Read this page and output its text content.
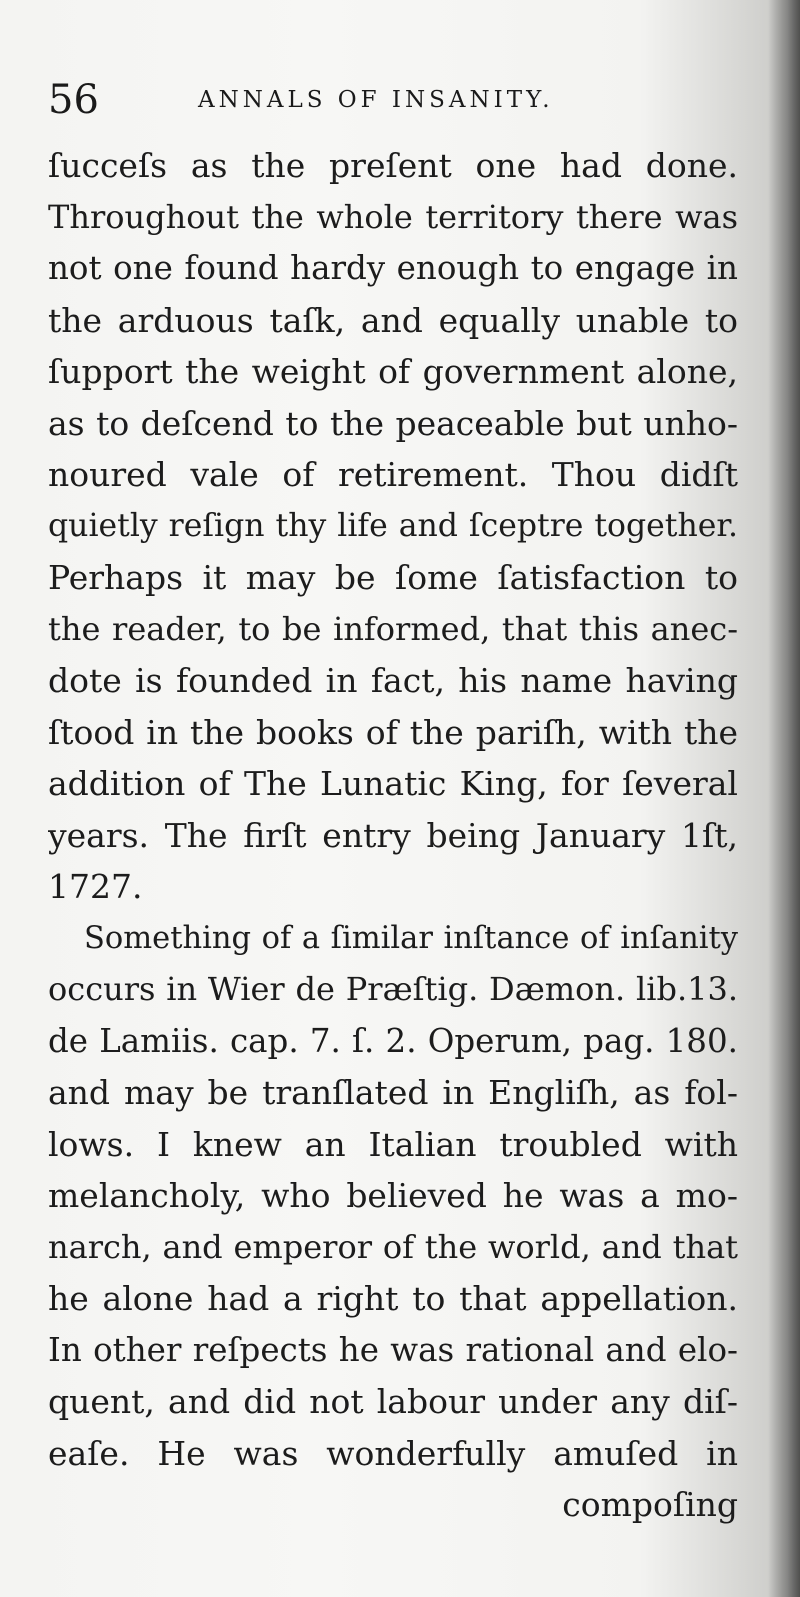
56	ANNALS OF INSANITY.
ſucceſs as the preſent one had done.
Throughout the whole territory there was
not one found hardy enough to engage in
the arduous taſk, and equally unable to
ſupport the weight of government alone,
as to deſcend to the peaceable but unho-
noured vale of retirement. Thou didſt
quietly reſign thy life and ſceptre together.
Perhaps it may be ſome ſatisfaction to
the reader, to be informed, that this anec-
dote is founded in fact, his name having
ſtood in the books of the pariſh, with the
addition of The Lunatic King, for ſeveral
years. The firſt entry being January 1ſt,
1727.
Something of a ſimilar inſtance of inſanity
occurs in Wier de Præſtig. Dæmon. lib.13.
de Lamiis. cap. 7. ſ. 2. Operum, pag. 180.
and may be tranſlated in Engliſh, as fol-
lows. I knew an Italian troubled with
melancholy, who believed he was a mo-
narch, and emperor of the world, and that
he alone had a right to that appellation.
In other reſpects he was rational and elo-
quent, and did not labour under any diſ-
eaſe. He was wonderfully amuſed in
compoſing
